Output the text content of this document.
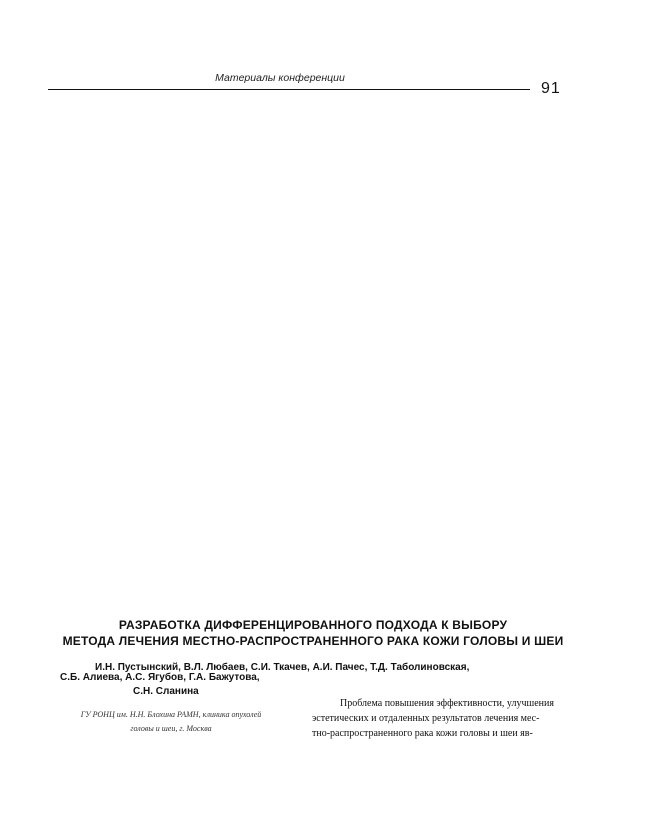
Материалы конференции
91
РАЗРАБОТКА ДИФФЕРЕНЦИРОВАННОГО ПОДХОДА К ВЫБОРУ
МЕТОДА ЛЕЧЕНИЯ МЕСТНО-РАСПРОСТРАНЕННОГО РАКА КОЖИ ГОЛОВЫ И ШЕИ
И.Н. Пустынский, В.Л. Любаев, С.И. Ткачев, А.И. Пачес, Т.Д. Таболиновская,
С.Б. Алиева, А.С. Ягубов, Г.А. Бажутова,
С.Н. Сланина
ГУ РОНЦ им. Н.Н. Блохина РАМН, клиника опухолей
головы и шеи, г. Москва
Проблема повышения эффективности, улучшения
эстетических и отдаленных результатов лечения мес-
тно-распространенного рака кожи головы и шеи яв-
